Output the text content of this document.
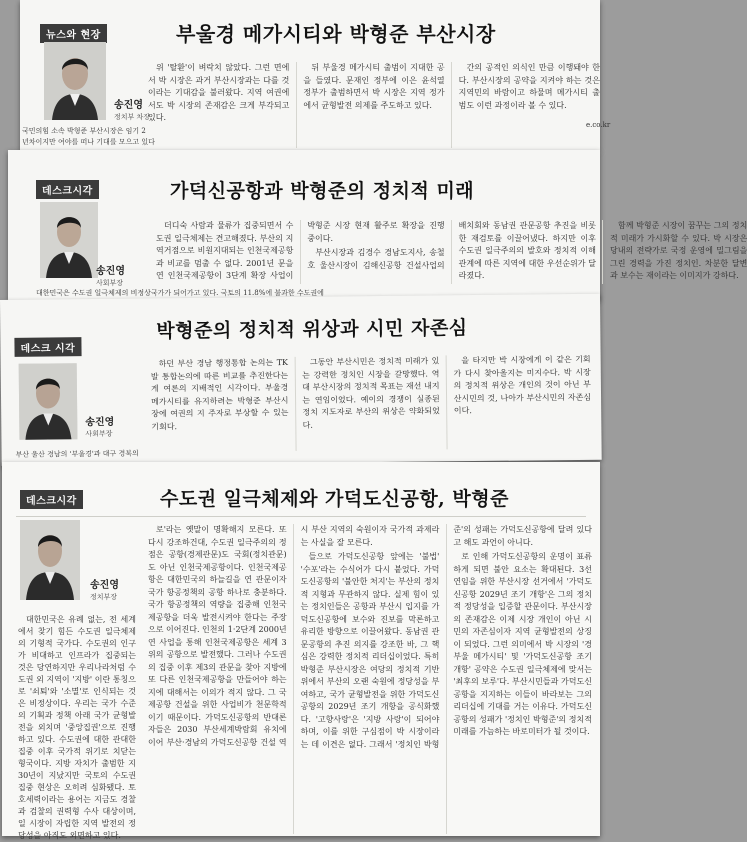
국민의힘 소속 박형준 부산시장은 임기 2
년차이지만 여야를 떠나 기대를 모으고 있다
뉴스와 현장	부울경 메가시티와 박형준 부산시장
송진영
정치부 차장

위 '탈환'이 벼락치 않았다. 그런 면에서 박 시장은 과거 부산시장과는 다를 것이라는 기대감을 불러왔다. 지역 여권에서도 박 시장의 존재감은 크게 부각되고 있다.

뒤 부울경 메가시티 출범이 지대한 공을 들였다. 문재인 정부에 이은 윤석열 정부가 출범하면서 박 시장은 지역 정가에서 균형발전 의제를 주도하고 있다.

간의 공적인 의식인 만큼 이행돼야 한다. 부산시장의 공약을 지켜야 하는 것은 지역민의 바람이고 하물며 메가시티 출범도 이런 과정이라 볼 수 있다.

e.co.kr
데스크시각	가덕신공항과 박형준의 정치적 미래
송진영
사회부장

더디숙 사람과 물류가 집중되면서 수도권 일극체제는 견고해졌다. 부산의 지역거점으로 비원지대되는 인천국제공항과 비교를 멈출 수 없다. 2001년 문을 연 인천국제공항이 3단계 확장 사업이 박형준 시장 현재 활주로 확장을 진행 중이다.

부산시장과 김경수 경남도지사, 송철호 울산시장이 김해신공항 건설사업의 배치회와 동남권 관문공항 추진을 비롯한 재검토를 이끌어냈다. 하지만 이후 수도권 일극주의의 발호와 정치적 이해관계에 따른 지역에 대한 우선순위가 달라졌다.

함께 박형준 시장이 꿈꾸는 그의 정치적 미래가 가시화할 수 있다. 박 시장은 당내의 전략가로 국정 운영에 밀그림을 그린 경력을 가진 정치인. 차분한 달변과 보수는 재이라는 이미지가 강하다.

대한민국은 수도권 일극체제의 비정상국가가 되어가고 있다. 국토의 11.8%에 불과한 수도권에
데스크 시각
박형준의 정치적 위상과 시민 자존심
송진영
사회부장

하던 부산 경남 행정통합 논의는 TK발 통합논의에 따른 비교를 추진한다는 게 여론의 지배적인 시각이다. 부울경 메가시티를 유지하려는 박형준 부산시장에 여권의 지 주자로 부상할 수 있는 기회다.

그동안 부산시민은 정치적 미래가 있는 강력한 정치인 시장을 갈망했다. 역대 부산시장의 정치적 목표는 재선 내지는 연임이었다. 예이의 경쟁이 실종된 정치 지도자로 부산의 위상은 약화되었다.

을 타지만 박 시장에게 이 같은 기회가 다시 찾아올지는 미지수다. 박 시장의 정치적 위상은 개인의 것이 아닌 부산시민의 것, 나아가 부산시민의 자존심이다.

부산 울산 경남의 '부울경'과 대구 경북의
데스크시각	수도권 일극체제와 가덕도신공항, 박형준
송진영
정치부장

대한민국은 유례 없는, 전 세계에서 찾기 힘든 수도권 일극체제의 기형적 국가다. 수도권의 인구가 비대하고 인프라가 집중되는 것은 당연하지만 우리나라처럼 수도권 외 지역이 '지방' 이란 통칭으로 '쇠퇴'와 '소멸'로 인식되는 것은 비정상이다. 우리는 국가 수준의 기획과 정책 아래 국가 균형발전을 외치며 '중앙집권'으로 진행하고 있다. 수도권에 대한 관대한 집중 이후 국가적 위기로 치닫는 형국이다. 지방 자치가 출범한 지 30년이 지났지만 국토의 수도권 집중 현상은 오히려 심화됐다. 토호세력이라는 용어는 지금도 경찰과 검찰의 권력형 수사 대상이며, 일 시장이 자립한 지역 발전의 정당성을 아직도 외면하고 있다.

로'라는 옛말이 명확해지 모른다. 또다시 강조하건대, 수도권 일극주의의 정점은 공항(경제관문)도 국회(정치관문)도 아닌 인천국제공항이다. 인천국제공항은 대한민국의 하늘길을 연 관문이자 국가 항공정책의 공항 하나로 충분하다. 국가 항공정책의 역량을 집중해 인천국제공항을 더욱 발전시켜야 한다는 주장으로 이어진다. 인천의 1·2단계 2000년 연 사업을 통해 인천국제공항은 세계 3위의 공항으로 발전했다. 그러나 수도권의 집중 이후 제3의 관문을 찾아 지방에 또 다른 인천국제공항을 만들어야 하는지에 대해서는 이의가 적지 않다. 그 국제공항 건설을 위한 사업비가 천문학적이기 때문이다. 가덕도신공항의 반대론자들은 2030 부산세계박람회 유치에 이어 부산·경남의 가덕도신공항 건설 역시 부산 지역의 숙원이자 국가적 과제라는 사실을 잘 모른다.

들으로 가덕도신공항 앞에는 '불법' '수포'라는 수식어가 다시 붙었다. 가덕도신공항의 '불안한 처지'는 부산의 정치적 지형과 무관하지 않다. 실제 힘이 있는 정치인들은 공항과 부산시 입지를 가덕도신공항에 보수와 진보를 막론하고 유리한 방향으로 이끌어왔다. 동남권 관문공항의 추진 의지를 강조한 바, 그 핵심은 강력한 정치적 리더십이었다. 특히 박형준 부산시장은 여당의 정치적 기반 위에서 부산의 오랜 숙원에 정당성을 부여하고, 국가 균형발전을 위한 가덕도신공항의 2029년 조기 개항을 공식화했다. '고향사랑'은 '지방 사랑'이 되어야 하며, 이를 위한 구심점이 박 시장이라는 데 이견은 없다. 그래서 '정치인 박형준'의 성패는 가덕도신공항에 달려 있다고 해도 과언이 아니다.

로 인해 가덕도신공항의 운명이 표류하게 되면 불안 요소는 확대된다. 3선 연임을 위한 부산시장 선거에서 '가덕도신공항 2029년 조기 개항'은 그의 정치적 정당성을 입증할 관문이다. 부산시장의 존재감은 이제 시장 개인이 아닌 시민의 자존심이자 지역 균형발전의 상징이 되었다. 그런 의미에서 박 시장의 '경부울 메가시티' 및 '가덕도신공항 조기 개항' 공약은 수도권 일극체제에 맞서는 '최후의 보루'다. 부산시민들과 가덕도신공항을 지지하는 이들이 바라보는 그의 리더십에 기대를 거는 이유다. 가덕도신공항의 성패가 '정치인 박형준'의 정치적 미래를 가늠하는 바로미터가 될 것이다.
